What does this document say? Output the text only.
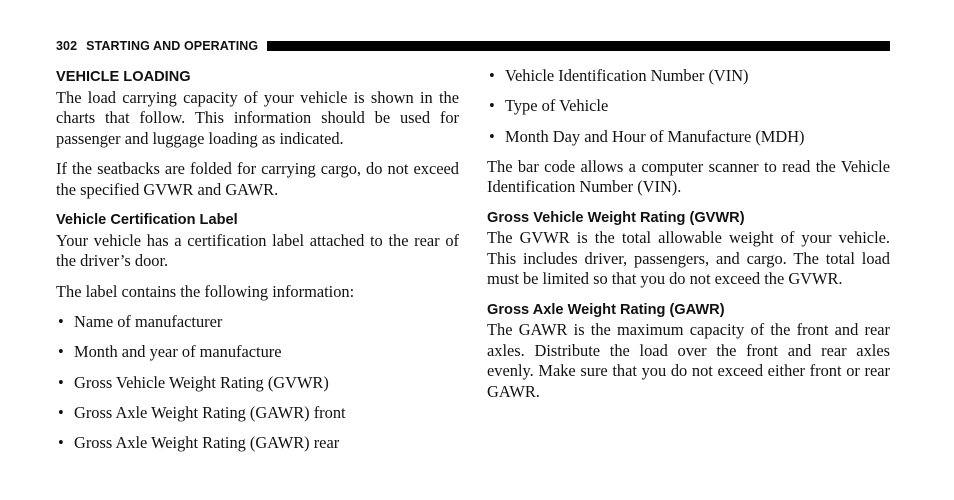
302 STARTING AND OPERATING
VEHICLE LOADING

The load carrying capacity of your vehicle is shown in the charts that follow. This information should be used for passenger and luggage loading as indicated.

If the seatbacks are folded for carrying cargo, do not exceed the specified GVWR and GAWR.

Vehicle Certification Label

Your vehicle has a certification label attached to the rear of the driver’s door.

The label contains the following information:

• Name of manufacturer
• Month and year of manufacture
• Gross Vehicle Weight Rating (GVWR)
• Gross Axle Weight Rating (GAWR) front
• Gross Axle Weight Rating (GAWR) rear
• Vehicle Identification Number (VIN)
• Type of Vehicle
• Month Day and Hour of Manufacture (MDH)

The bar code allows a computer scanner to read the Vehicle Identification Number (VIN).

Gross Vehicle Weight Rating (GVWR)

The GVWR is the total allowable weight of your vehicle. This includes driver, passengers, and cargo. The total load must be limited so that you do not exceed the GVWR.

Gross Axle Weight Rating (GAWR)

The GAWR is the maximum capacity of the front and rear axles. Distribute the load over the front and rear axles evenly. Make sure that you do not exceed either front or rear GAWR.
